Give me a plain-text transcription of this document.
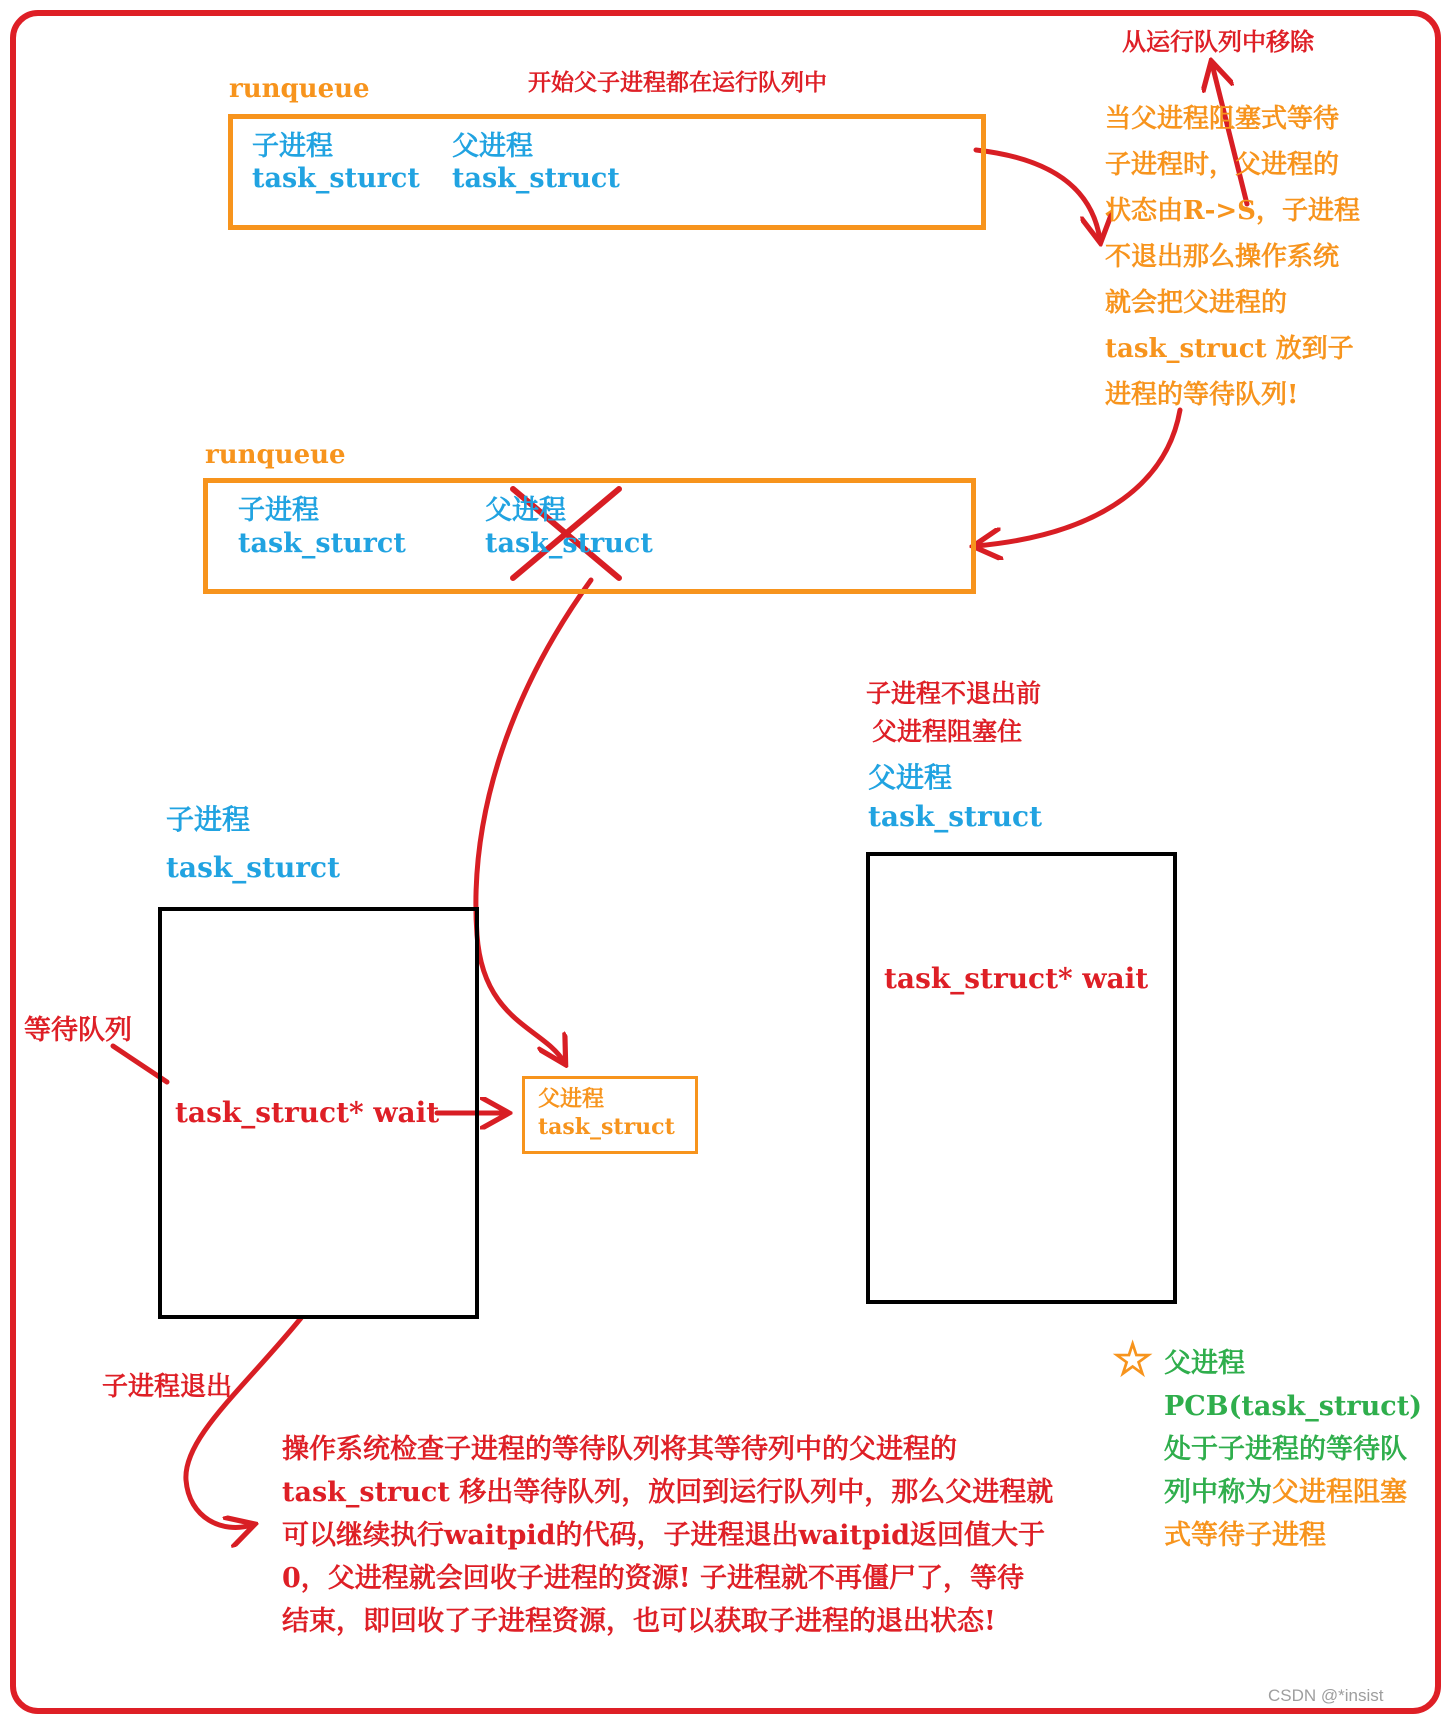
runqueue	开始父子进程都在运行队列中
子进程
task_sturct
父进程
task_struct
从运行队列中移除
当父进程阻塞式等待
子进程时，父进程的
状态由R->S，子进程
不退出那么操作系统
就会把父进程的
task_struct 放到子
进程的等待队列!
runqueue
子进程
task_sturct
父进程
task_struct
子进程不退出前
父进程阻塞住
子进程
task_sturct
task_struct* wait
等待队列
父进程
task_struct
父进程
task_struct
task_struct* wait
子进程退出
操作系统检查子进程的等待队列将其等待列中的父进程的
task_struct 移出等待队列，放回到运行队列中，那么父进程就
可以继续执行waitpid的代码，子进程退出waitpid返回值大于
0，父进程就会回收子进程的资源! 子进程就不再僵尸了，等待
结束，即回收了子进程资源，也可以获取子进程的退出状态!
☆ 父进程
PCB(task_struct)
处于子进程的等待队
列中称为父进程阻塞
式等待子进程
CSDN @*insist
